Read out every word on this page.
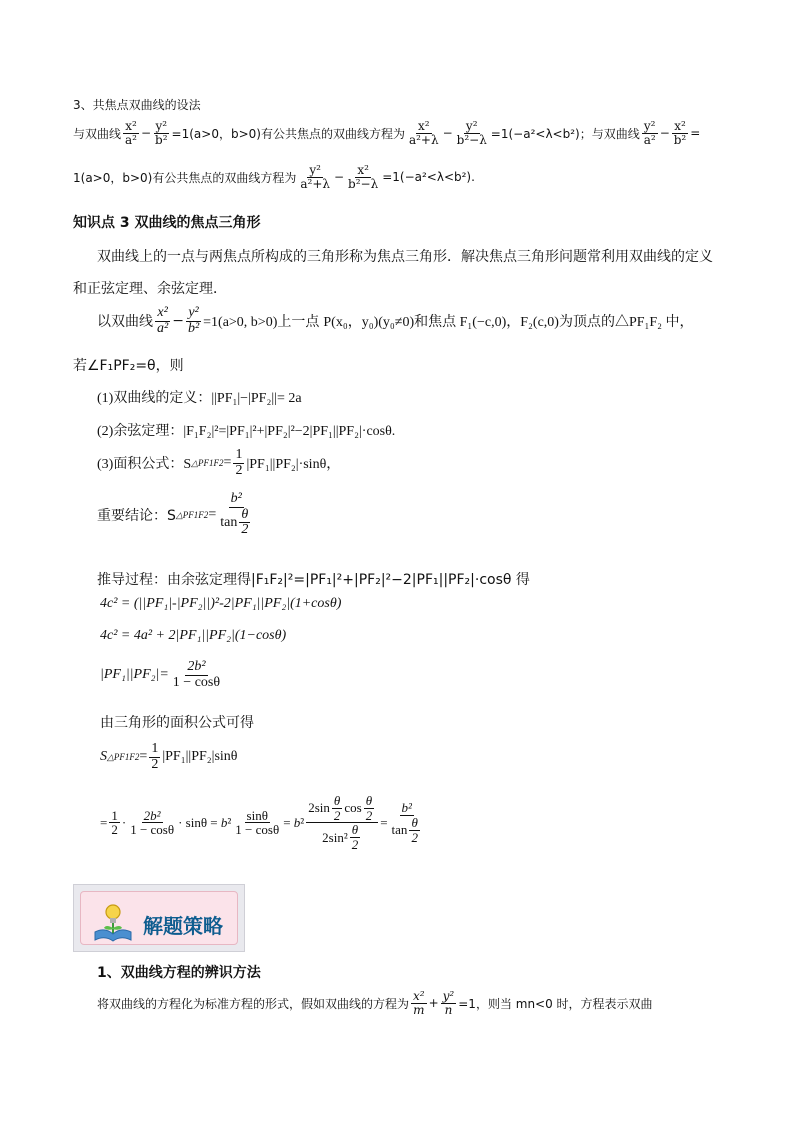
3、共焦点双曲线的设法
与双曲线 $\frac{\text{x²}}{\text{a²}} - \frac{\text{y²}}{\text{b²}} =1(a>0$，b>0)有公共焦点的双曲线方程为 $\frac{\text{x²}}{\text{a²+λ}} - \frac{\text{y²}}{\text{b²−λ}} =1(-a^2<\lambda<b^2)$；与双曲线 $\frac{\text{y²}}{\text{a²}} - \frac{\text{x²}}{\text{b²}}$ =
1(a>0，b>0)有公共焦点的双曲线方程为 $\frac{\text{y²}}{\text{a²+λ}} - \frac{\text{x²}}{\text{b²−λ}} =1(-a^2<\lambda<b^2)$.
知识点 3 双曲线的焦点三角形
双曲线上的一点与两焦点所构成的三角形称为焦点三角形．解决焦点三角形问题常利用双曲线的定义
和正弦定理、余弦定理．
以双曲线 $\frac{\text{x²}}{\text{a²}} - \frac{\text{y²}}{\text{b²}} =1(a>0$, b>0)上一点 P(x₀，y₀)(y₀≠0)和焦点 F₁(−c,0)，F₂(c,0)为顶点的△PF₁F₂ 中，
若∠F₁PF₂=θ，则
(1)双曲线的定义：||PF₁|−|PF₂||= 2a
(2)余弦定理：|F₁F₂|²=|PF₁|²+|PF₂|²−2|PF₁||PF₂|·cosθ.
(3)面积公式：S △PF1F2 = $\frac{1}{2} |PF_1||PF_2|\cdot\sin\theta$，
重要结论：S △PF1F2 = $\frac{\text{b²}}{\tan \frac{\theta}{2}}$
推导过程：由余弦定理得|F₁F₂|²=|PF₁|²+|PF₂|²−2|PF₁||PF₂|·cosθ 得
4c² = (||PF₁|-|PF₂||)²-2|PF₁||PF₂|(1+cosθ)
4c² = 4a² + 2|PF₁||PF₂|(1−cosθ)
$|PF_1||PF_2|= \frac{\text{2b²}}{1 - \cos\theta}$
由三角形的面积公式可得
S △PF1F2 = $\frac{1}{2} |PF_1||PF_2|\sin\theta$
= $\frac{1}{2} \cdot \frac{\text{2b²}}{1 - \cos\theta} \cdot \sin\theta = b^2 \frac{\sin\theta}{1 - \cos\theta} = b^2 \frac{2\sin \frac{\theta}{2} \cos \frac{\theta}{2}}{2\sin^2 \frac{\theta}{2}} = \frac{\text{b²}}{\tan \frac{\theta}{2}}$
解题策略
1、双曲线方程的辨识方法
将双曲线的方程化为标准方程的形式，假如双曲线的方程为 $\frac{\text{x²}}{m} + \frac{\text{y²}}{n} =1$，则当 mn<0 时，方程表示双曲
